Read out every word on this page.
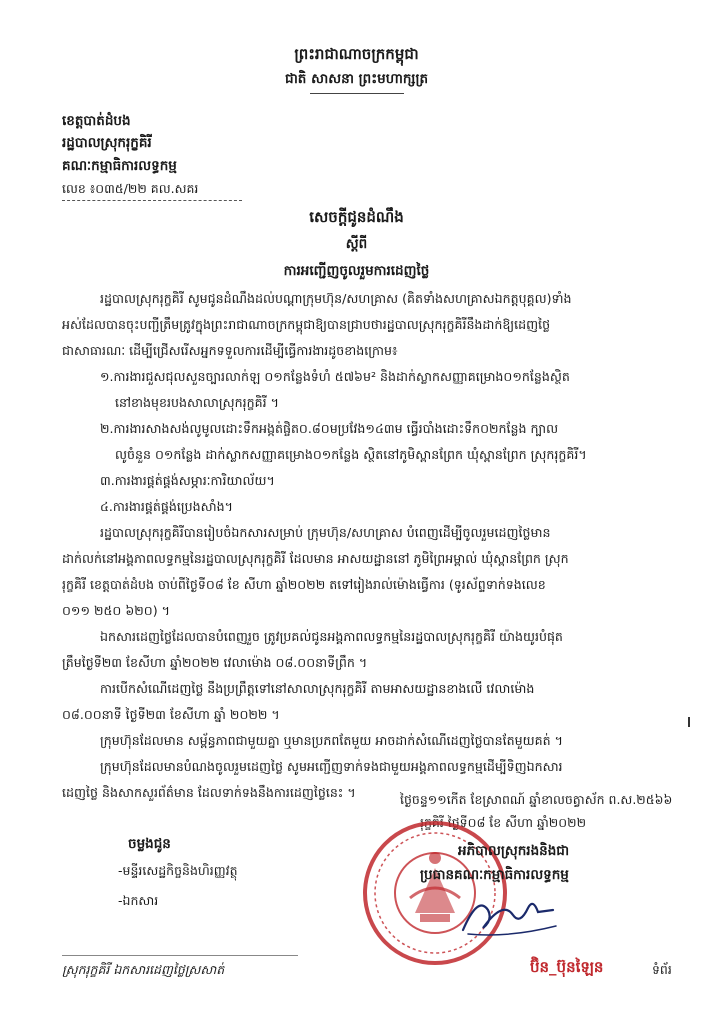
ព្រះរាជាណាចក្រកម្ពុជា
ជាតិ សាសនា ព្រះមហាក្សត្រ
ខេត្តបាត់ដំបង
រដ្ឋបាលស្រុករុក្ខគិរី
គណៈកម្មាធិការលទ្ធកម្ម
លេខ ៖០៣៥/២២ គល.សគរ
សេចក្តីជូនដំណឹង
ស្តីពី
ការអញ្ជើញចូលរួមការដេញថ្លៃ
រដ្ឋបាលស្រុករុក្ខគិរី សូមជូនដំណឹងដល់បណ្តាក្រុមហ៊ុន/សហគ្រាស (គិតទាំងសហគ្រាសឯកត្តបុគ្គល)ទាំង
អស់ដែលបានចុះបញ្ជីត្រឹមត្រូវក្នុងព្រះរាជាណាចក្រកម្ពុជាឱ្យបានជ្រាបថារដ្ឋបាលស្រុករុក្ខគិរីនឹងដាក់ឱ្យដេញថ្លៃ
ជាសាធារណៈ ដើម្បីជ្រើសរើសអ្នកទទួលការដើម្បីធ្វើការងារដូចខាងក្រោម៖
១.ការងារជួសជុលសួនច្បារលាក់ឡ ០១កន្លែងទំហំ ៥៧៦ម² និងដាក់ស្លាកសញ្ញាគម្រោង០១កន្លែងស្ថិត
នៅខាងមុខរបងសាលាស្រុករុក្ខគិរី ។
២.ការងារសាងសង់លូមូលដោះទឹកអង្កត់ផ្ចិត០.៨០មប្រវែង១៤៣ម ធ្វើរបាំងដោះទឹក០២កន្លែង ក្បាល
លូចំនួន ០១កន្លែង ដាក់ស្លាកសញ្ញាគម្រោង០១កន្លែង ស្ថិតនៅភូមិស្ពានព្រែក ឃុំស្ពានព្រែក ស្រុករុក្ខគិរី។
៣.ការងារផ្គត់ផ្គង់សម្ភារៈការិយាល័យ។
៤.ការងារផ្គត់ផ្គង់ប្រេងសាំង។
រដ្ឋបាលស្រុករុក្ខគិរីបានរៀបចំឯកសារសម្រាប់ ក្រុមហ៊ុន/សហគ្រាស បំពេញដើម្បីចូលរួមដេញថ្លៃមាន
ដាក់លក់នៅអង្គភាពលទ្ធកម្មនៃរដ្ឋបាលស្រុករុក្ខគិរី ដែលមាន អាសយដ្ឋាននៅ ភូមិព្រៃអម្ពាល់ ឃុំស្ពានព្រែក ស្រុក
រុក្ខគិរី ខេត្តបាត់ដំបង ចាប់ពីថ្ងៃទី០៨ ខែ សីហា ឆ្នាំ២០២២ តទៅរៀងរាល់ម៉ោងធ្វើការ (ទូរស័ព្ទទាក់ទងលេខ
០១១ ២៥០ ៦២០) ។
ឯកសារដេញថ្លៃដែលបានបំពេញរួច ត្រូវប្រគល់ជូនអង្គភាពលទ្ធកម្មនៃរដ្ឋបាលស្រុករុក្ខគិរី យ៉ាងយូរបំផុត
ត្រឹមថ្ងៃទី២៣ ខែសីហា ឆ្នាំ២០២២ វេលាម៉ោង ០៨.០០នាទីព្រឹក ។
ការបើកសំណើដេញថ្លៃ នឹងប្រព្រឹត្តទៅនៅសាលាស្រុករុក្ខគិរី តាមអាសយដ្ឋានខាងលើ វេលាម៉ោង
០៨.០០នាទី ថ្ងៃទី២៣ ខែសីហា ឆ្នាំ ២០២២ ។
ក្រុមហ៊ុនដែលមាន សម្ព័ន្ធភាពជាមួយគ្នា ឬមានប្រភពតែមួយ អាចដាក់សំណើដេញថ្លៃបានតែមួយគត់ ។
ក្រុមហ៊ុនដែលមានបំណងចូលរួមដេញថ្លៃ សូមអញ្ជើញទាក់ទងជាមួយអង្គភាពលទ្ធកម្មដើម្បីទិញឯកសារ
ដេញថ្លៃ និងសាកសួរព័ត៌មាន ដែលទាក់ទងនឹងការដេញថ្លៃនេះ ។	ថ្ងៃចន្ទ១១កើត ខែស្រាពណ៍ ឆ្នាំខាលចត្វាស័ក ព.ស.២៥៦៦
រុក្ខគិរី ថ្ងៃទី០៨ ខែ សីហា ឆ្នាំ២០២២
ចម្លងជូន
-មន្ទីរសេដ្ឋកិច្ចនិងហិរញ្ញវត្ថុ
-ឯកសារ
អភិបាលស្រុករងនិងជា
ប្រធានគណៈកម្មាធិការលទ្ធកម្ម
ប៊ិន_ប៊ុនឡៃន
ស្រុករុក្ខគិរី ឯកសារដេញថ្លៃស្រសាត់	ទំព័រ
